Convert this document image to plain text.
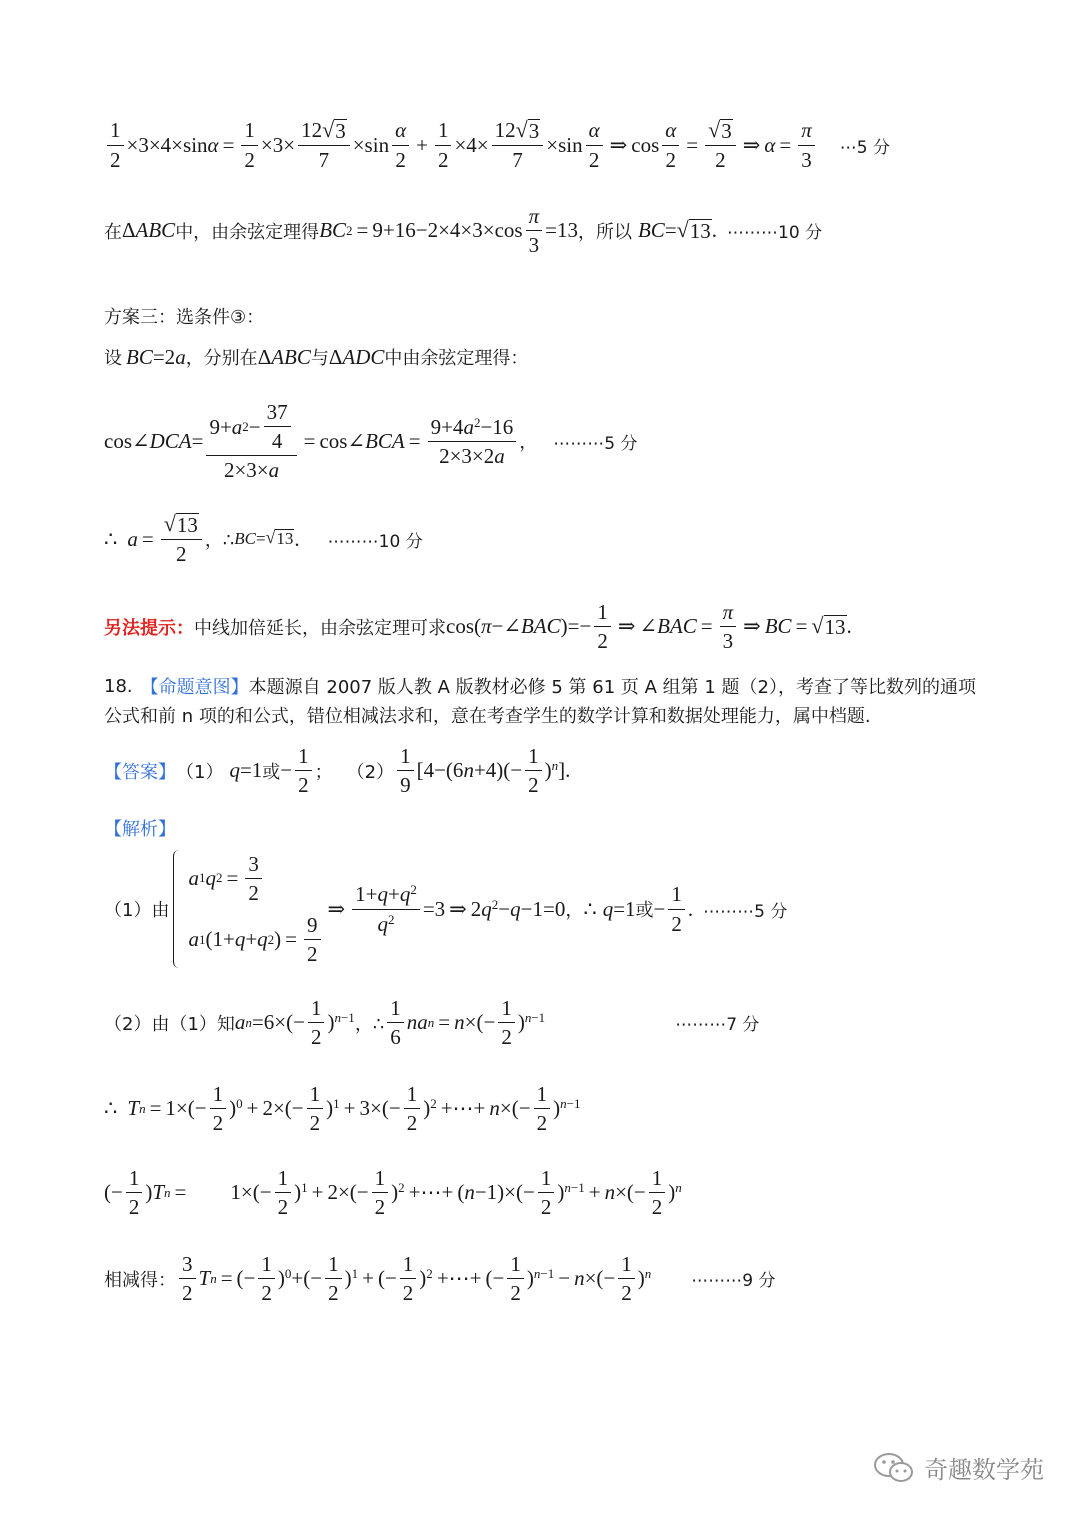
$\frac{1}{2} \times 3\times 4\times\sin\alpha = \frac{1}{2} \times 3\times \frac{12 √ 3}{7} \times\sin \frac{\alpha}{2} + \frac{1}{2} \times 4\times \frac{12 √ 3}{7} \times\sin \frac{\alpha}{2}$ ⇒ $\cos \frac{\alpha}{2} = \frac{√ 3}{2}$ ⇒ $\alpha = \frac{\pi}{3}$ ⋯5 分
在 ΔABC 中，由余弦定理得 BC $2 = 9+16-2\times 4\times 3\times\cos \frac{\pi}{3} =13$ ，所以 BC = √ 13 . ⋯⋯⋯10 分
方案三：选条件③：
设 BC =2 a ，分别在 ΔABC 与 ΔADC 中由余弦定理得：
cos∠DCA= $\frac{9+ a 2 - \frac{37}{4}}{2\times 3\times a}$ = cos∠BCA = $\frac{9+4a^2-16}{2\times 3\times 2a}$ ， ⋯⋯⋯5 分
∴ $a = \frac{√ 13}{2}$ ，∴ BC = √ 13 . ⋯⋯⋯10 分
另法提示： 中线加倍延长，由余弦定理可求 cos(π−∠BAC)=− $\frac{1}{2}$ ⇒ ∠BAC = $\frac{\pi}{3}$ ⇒ BC = √ 13 .
18. 【命题意图】 本题源自 2007 版人教 A 版教材必修 5 第 61 页 A 组第 1 题（2），考查了等比数列的通项
公式和前 n 项的和公式，错位相减法求和，意在考查学生的数学计算和数据处理能力，属中档题.
【答案】 （1） q =1 或 − $\frac{1}{2}$ ； $(2) \frac{1}{9} [4-(6n+4)(- \frac{1}{2} )^n]$ .
【解析】
（1）由
a 1 q $2 = \frac{3}{2}$
a 1 (1+ q + q 2 ) = $\frac{9}{2}$
⇒ $\frac{1+q+q^2}{q^2} =3$ ⇒ $2q^2-q-1=0$ ， ∴ q =1 或 − $\frac{1}{2}$ . ⋯⋯⋯5 分
（2）由（1）知 a $n =6\times(- \frac{1}{2} )^{n-1}$ ，∴ $\frac{1}{6}$ na n = n ×(− $\frac{1}{2} )^{n-1}$	⋯⋯⋯7 分
∴ T $n = 1\times(- \frac{1}{2} )^0 + 2\times(- \frac{1}{2} )^1 + 3\times(- \frac{1}{2} )^2$ +⋯+ n ×(− $\frac{1}{2} )^{n-1}$
(− $\frac{1}{2}$ ) T $n = 1\times(- \frac{1}{2} )^1 + 2\times(- \frac{1}{2} )^2$ +⋯+ $(n-1)\times(- \frac{1}{2} )^{n-1} + n$ ×(− $\frac{1}{2} )^n$
相减得： $\frac{3}{2}$ T n = (− $\frac{1}{2} )^0$ +(− $\frac{1}{2} )^1$ + (− $\frac{1}{2} )^2$ +⋯+ (− $\frac{1}{2} )^{n-1} - n$ ×(− $\frac{1}{2} )^n$ ⋯⋯⋯9 分
奇趣数学苑
